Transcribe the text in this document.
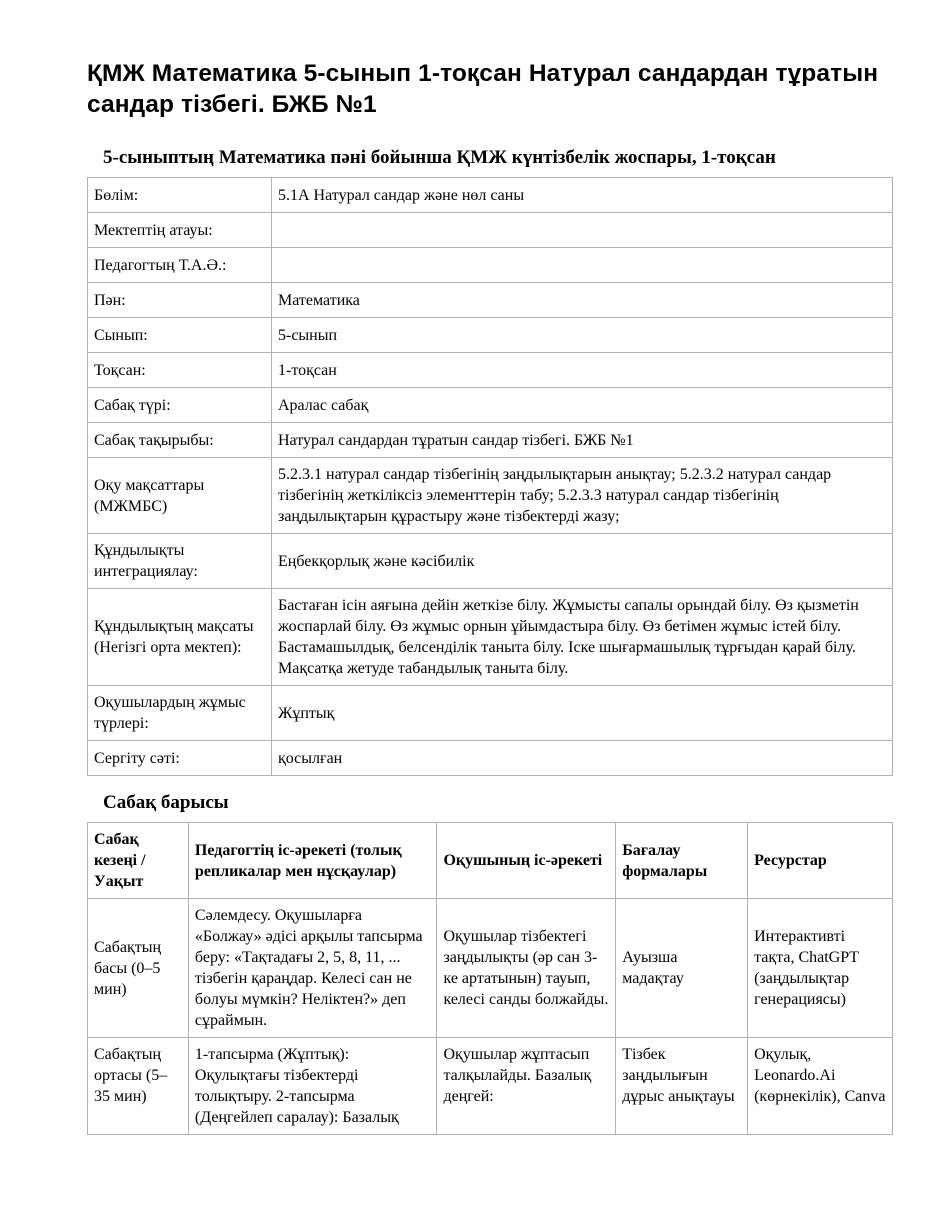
ҚМЖ Математика 5-сынып 1-тоқсан Натурал сандардан тұратын сандар тізбегі. БЖБ №1
5-сыныптың Математика пәні бойынша ҚМЖ күнтізбелік жоспары, 1-тоқсан
Бөлім:	5.1А Натурал сандар және нөл саны
Мектептің атауы:	
Педагогтың Т.А.Ә.:	
Пән:	Математика
Сынып:	5-сынып
Тоқсан:	1-тоқсан
Сабақ түрі:	Аралас сабақ
Сабақ тақырыбы:	Натурал сандардан тұратын сандар тізбегі. БЖБ №1
Оқу мақсаттары (МЖМБС)	5.2.3.1 натурал сандар тізбегінің заңдылықтарын анықтау; 5.2.3.2 натурал сандар тізбегінің жеткіліксіз элементтерін табу; 5.2.3.3 натурал сандар тізбегінің заңдылықтарын құрастыру және тізбектерді жазу;
Құндылықты интеграциялау:	Еңбекқорлық және кәсібилік
Құндылықтың мақсаты (Негізгі орта мектеп):	Бастаған ісін аяғына дейін жеткізе білу. Жұмысты сапалы орындай білу. Өз қызметін жоспарлай білу. Өз жұмыс орнын ұйымдастыра білу. Өз бетімен жұмыс істей білу. Бастамашылдық, белсенділік таныта білу. Іске шығармашылық тұрғыдан қарай білу. Мақсатқа жетуде табандылық таныта білу.
Оқушылардың жұмыс түрлері:	Жұптық
Сергіту сәті:	қосылған
Сабақ барысы
Сабақ кезеңі / Уақыт	Педагогтің іс-әрекеті (толық репликалар мен нұсқаулар)	Оқушының іс-әрекеті	Бағалау формалары	Ресурстар
Сабақтың басы (0–5 мин)	Сәлемдесу. Оқушыларға «Болжау» әдісі арқылы тапсырма беру: «Тақтадағы 2, 5, 8, 11, ... тізбегін қараңдар. Келесі сан не болуы мүмкін? Неліктен?» деп сұраймын.	Оқушылар тізбектегі заңдылықты (әр сан 3-ке артатынын) тауып, келесі санды болжайды.	Ауызша мадақтау	Интерактивті тақта, ChatGPT (заңдылықтар генерациясы)
Сабақтың ортасы (5–35 мин)	1-тапсырма (Жұптық): Оқулықтағы тізбектерді толықтыру. 2-тапсырма (Деңгейлеп саралау): Базалық	Оқушылар жұптасып талқылайды. Базалық деңгей:	Тізбек заңдылығын дұрыс анықтауы	Оқулық, Leonardo.Ai (көрнекілік), Canva
